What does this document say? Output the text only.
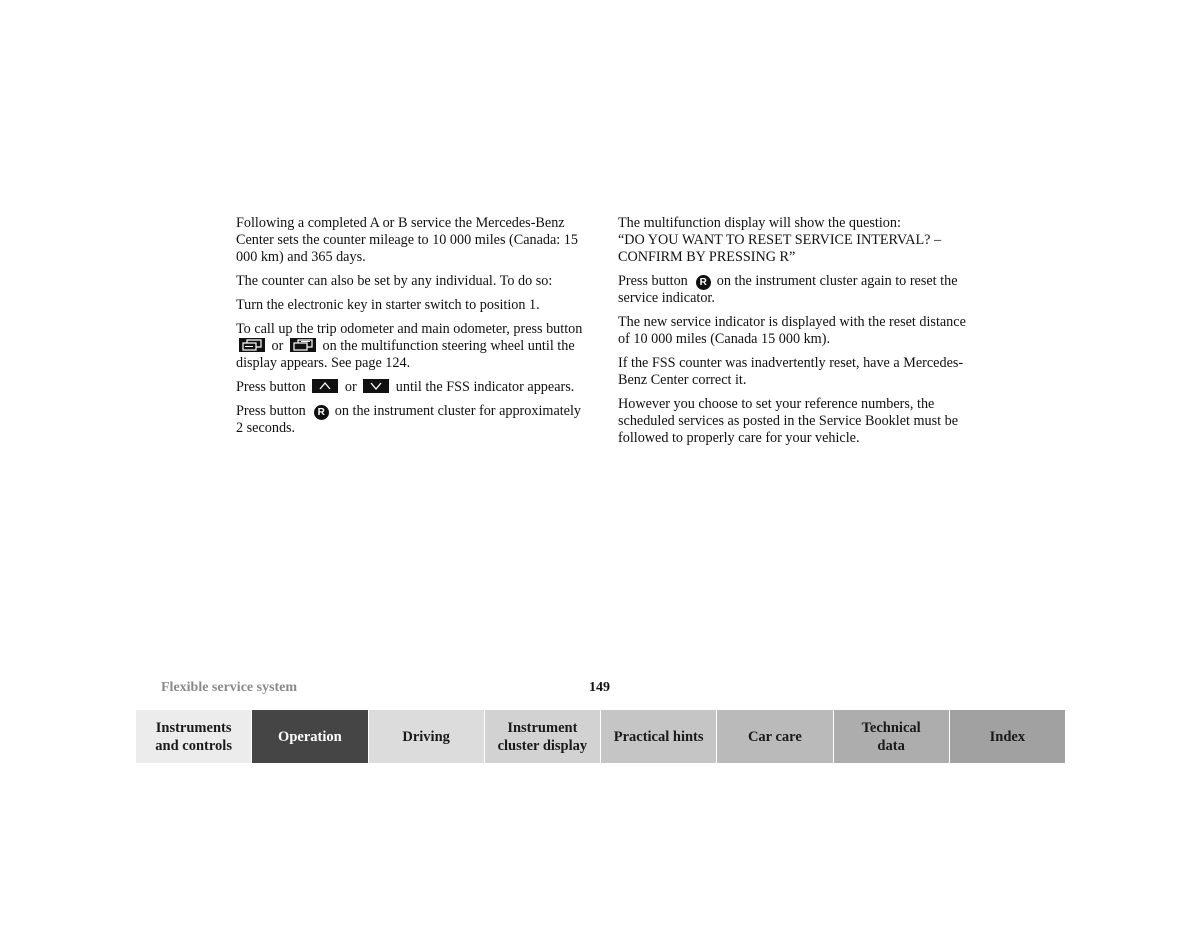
Following a completed A or B service the Mercedes-Benz Center sets the counter mileage to 10 000 miles (Canada: 15 000 km) and 365 days.

The counter can also be set by any individual. To do so:

Turn the electronic key in starter switch to position 1.

To call up the trip odometer and main odometer, press button
or	on the multifunction steering wheel until the display appears. See page 124.

Press button	or	until the FSS indicator appears.

Press button R on the instrument cluster for approximately 2 seconds.

The multifunction display will show the question:
“DO YOU WANT TO RESET SERVICE INTERVAL? – CONFIRM BY PRESSING R”

Press button R on the instrument cluster again to reset the service indicator.

The new service indicator is displayed with the reset distance of 10 000 miles (Canada 15 000 km).

If the FSS counter was inadvertently reset, have a Mercedes-Benz Center correct it.

However you choose to set your reference numbers, the scheduled services as posted in the Service Booklet must be followed to properly care for your vehicle.

Flexible service system	149
Instruments
and controls
Operation	Driving
Instrument
cluster display
Practical hints	Car care
Technical
data
Index
